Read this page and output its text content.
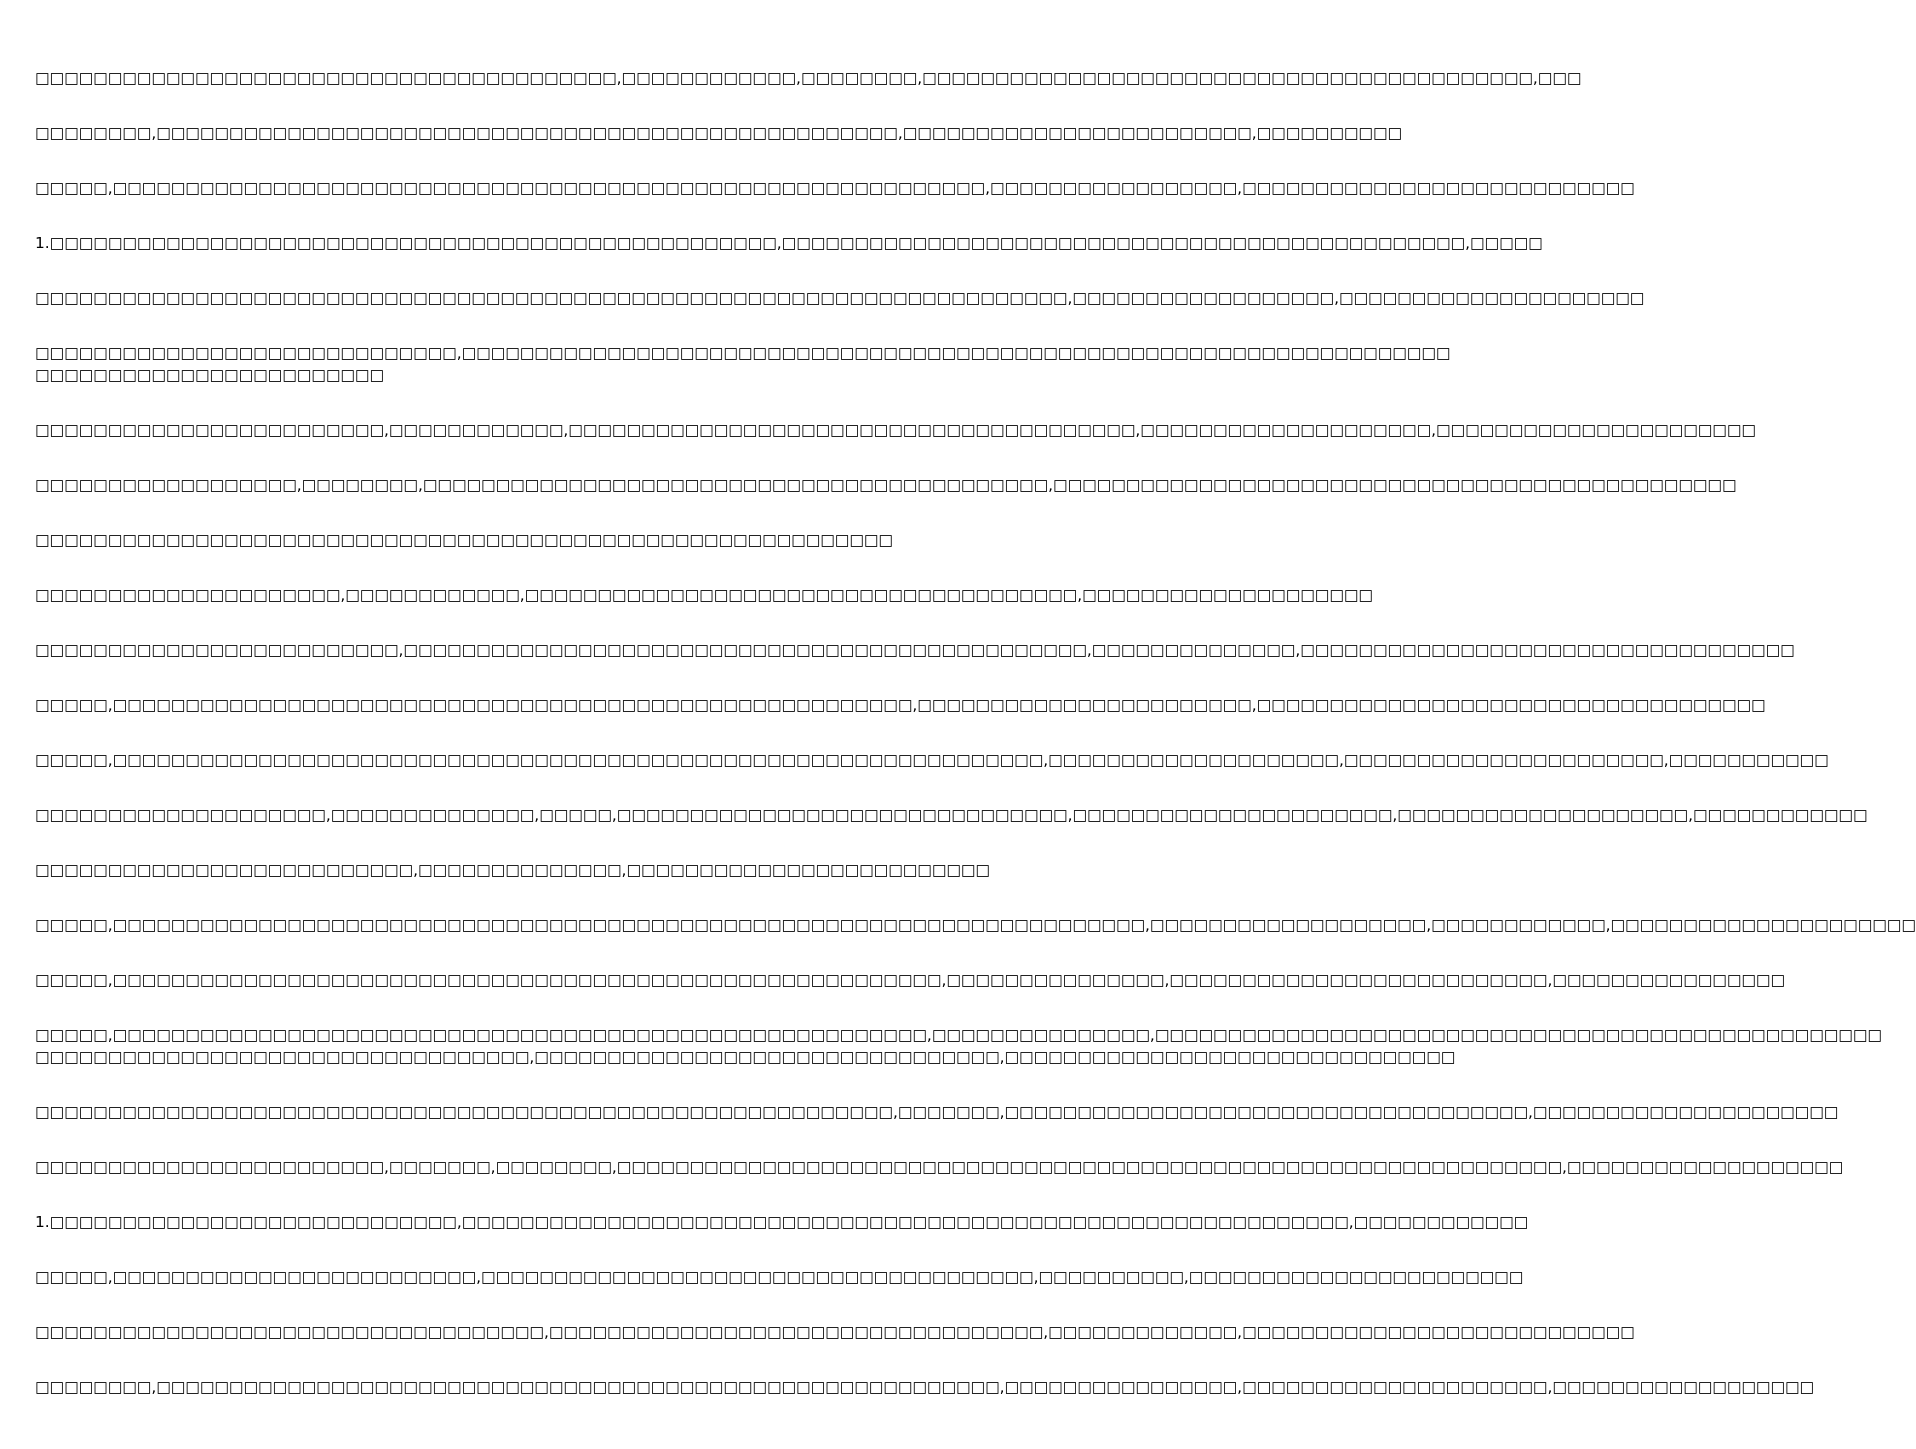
□□□□□□□□□□□□□□□□□□□□□□□□□□□□□□□□□□□□□□□□,□□□□□□□□□□□□,□□□□□□□□,□□□□□□□□□□□□□□□□□□□□□□□□□□□□□□□□□□□□□□□□□□,□□□
□□□□□□□□,□□□□□□□□□□□□□□□□□□□□□□□□□□□□□□□□□□□□□□□□□□□□□□□□□□□,□□□□□□□□□□□□□□□□□□□□□□□□,□□□□□□□□□□
□□□□□,□□□□□□□□□□□□□□□□□□□□□□□□□□□□□□□□□□□□□□□□□□□□□□□□□□□□□□□□□□□□,□□□□□□□□□□□□□□□□□,□□□□□□□□□□□□□□□□□□□□□□□□□□□
1.□□□□□□□□□□□□□□□□□□□□□□□□□□□□□□□□□□□□□□□□□□□□□□□□□□,□□□□□□□□□□□□□□□□□□□□□□□□□□□□□□□□□□□□□□□□□□□□□□□,□□□□□
□□□□□□□□□□□□□□□□□□□□□□□□□□□□□□□□□□□□□□□□□□□□□□□□□□□□□□□□□□□□□□□□□□□□□□□,□□□□□□□□□□□□□□□□□□,□□□□□□□□□□□□□□□□□□□□□
□□□□□□□□□□□□□□□□□□□□□□□□□□□□□,□□□□□□□□□□□□□□□□□□□□□□□□□□□□□□□□□□□□□□□□□□□□□□□□□□□□□□□□□□□□□□□□□□□□
□□□□□□□□□□□□□□□□□□□□□□□□
□□□□□□□□□□□□□□□□□□□□□□□□,□□□□□□□□□□□□,□□□□□□□□□□□□□□□□□□□□□□□□□□□□□□□□□□□□□□□,□□□□□□□□□□□□□□□□□□□□,□□□□□□□□□□□□□□□□□□□□□□
□□□□□□□□□□□□□□□□□□,□□□□□□□□,□□□□□□□□□□□□□□□□□□□□□□□□□□□□□□□□□□□□□□□□□□□,□□□□□□□□□□□□□□□□□□□□□□□□□□□□□□□□□□□□□□□□□□□□□□□
□□□□□□□□□□□□□□□□□□□□□□□□□□□□□□□□□□□□□□□□□□□□□□□□□□□□□□□□□□□
□□□□□□□□□□□□□□□□□□□□□,□□□□□□□□□□□□,□□□□□□□□□□□□□□□□□□□□□□□□□□□□□□□□□□□□□□,□□□□□□□□□□□□□□□□□□□□
□□□□□□□□□□□□□□□□□□□□□□□□□,□□□□□□□□□□□□□□□□□□□□□□□□□□□□□□□□□□□□□□□□□□□□□□□,□□□□□□□□□□□□□□,□□□□□□□□□□□□□□□□□□□□□□□□□□□□□□□□□□
□□□□□,□□□□□□□□□□□□□□□□□□□□□□□□□□□□□□□□□□□□□□□□□□□□□□□□□□□□□□□,□□□□□□□□□□□□□□□□□□□□□□□,□□□□□□□□□□□□□□□□□□□□□□□□□□□□□□□□□□□
□□□□□,□□□□□□□□□□□□□□□□□□□□□□□□□□□□□□□□□□□□□□□□□□□□□□□□□□□□□□□□□□□□□□□□,□□□□□□□□□□□□□□□□□□□□,□□□□□□□□□□□□□□□□□□□□□□,□□□□□□□□□□□
□□□□□□□□□□□□□□□□□□□□,□□□□□□□□□□□□□□,□□□□□,□□□□□□□□□□□□□□□□□□□□□□□□□□□□□□□,□□□□□□□□□□□□□□□□□□□□□□,□□□□□□□□□□□□□□□□□□□□,□□□□□□□□□□□□
□□□□□□□□□□□□□□□□□□□□□□□□□□,□□□□□□□□□□□□□□,□□□□□□□□□□□□□□□□□□□□□□□□□
□□□□□,□□□□□□□□□□□□□□□□□□□□□□□□□□□□□□□□□□□□□□□□□□□□□□□□□□□□□□□□□□□□□□□□□□□□□□□,□□□□□□□□□□□□□□□□□□□,□□□□□□□□□□□□,□□□□□□□□□□□□□□□□□□□□□
□□□□□,□□□□□□□□□□□□□□□□□□□□□□□□□□□□□□□□□□□□□□□□□□□□□□□□□□□□□□□□□,□□□□□□□□□□□□□□□,□□□□□□□□□□□□□□□□□□□□□□□□□□,□□□□□□□□□□□□□□□□
□□□□□,□□□□□□□□□□□□□□□□□□□□□□□□□□□□□□□□□□□□□□□□□□□□□□□□□□□□□□□□,□□□□□□□□□□□□□□□,□□□□□□□□□□□□□□□□□□□□□□□□□□□□□□□□□□□□□□□□□□□□□□□□□□
□□□□□□□□□□□□□□□□□□□□□□□□□□□□□□□□□□,□□□□□□□□□□□□□□□□□□□□□□□□□□□□□□□□,□□□□□□□□□□□□□□□□□□□□□□□□□□□□□□□
□□□□□□□□□□□□□□□□□□□□□□□□□□□□□□□□□□□□□□□□□□□□□□□□□□□□□□□□□□□,□□□□□□□,□□□□□□□□□□□□□□□□□□□□□□□□□□□□□□□□□□□□,□□□□□□□□□□□□□□□□□□□□□
□□□□□□□□□□□□□□□□□□□□□□□□,□□□□□□□,□□□□□□□□,□□□□□□□□□□□□□□□□□□□□□□□□□□□□□□□□□□□□□□□□□□□□□□□□□□□□□□□□□□□□□□□□□,□□□□□□□□□□□□□□□□□□□
1.□□□□□□□□□□□□□□□□□□□□□□□□□□□□,□□□□□□□□□□□□□□□□□□□□□□□□□□□□□□□□□□□□□□□□□□□□□□□□□□□□□□□□□□□□□,□□□□□□□□□□□□
□□□□□,□□□□□□□□□□□□□□□□□□□□□□□□□,□□□□□□□□□□□□□□□□□□□□□□□□□□□□□□□□□□□□□□,□□□□□□□□□□,□□□□□□□□□□□□□□□□□□□□□□□
□□□□□□□□□□□□□□□□□□□□□□□□□□□□□□□□□□□,□□□□□□□□□□□□□□□□□□□□□□□□□□□□□□□□□□,□□□□□□□□□□□□□,□□□□□□□□□□□□□□□□□□□□□□□□□□□
□□□□□□□□,□□□□□□□□□□□□□□□□□□□□□□□□□□□□□□□□□□□□□□□□□□□□□□□□□□□□□□□□□□,□□□□□□□□□□□□□□□□,□□□□□□□□□□□□□□□□□□□□□,□□□□□□□□□□□□□□□□□□
